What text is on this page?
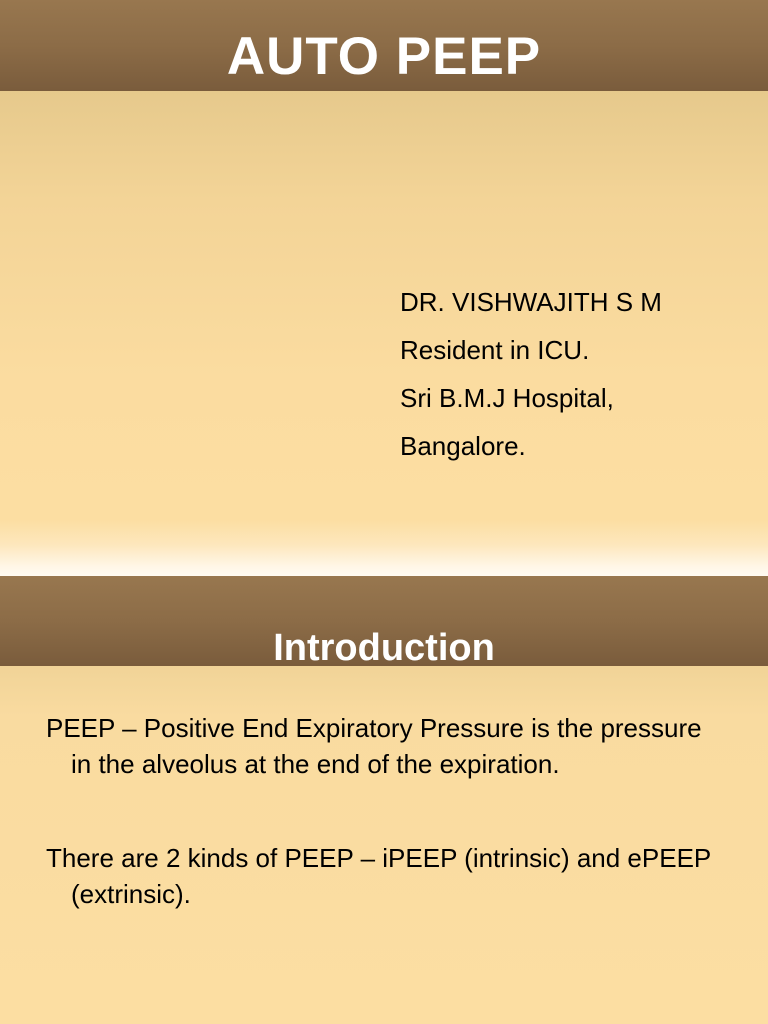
AUTO PEEP
DR. VISHWAJITH S M
Resident in ICU.
Sri B.M.J Hospital,
Bangalore.
Introduction

PEEP – Positive End Expiratory Pressure is the pressure in the alveolus at the end of the expiration.

There are 2 kinds of PEEP – iPEEP (intrinsic) and ePEEP (extrinsic).
